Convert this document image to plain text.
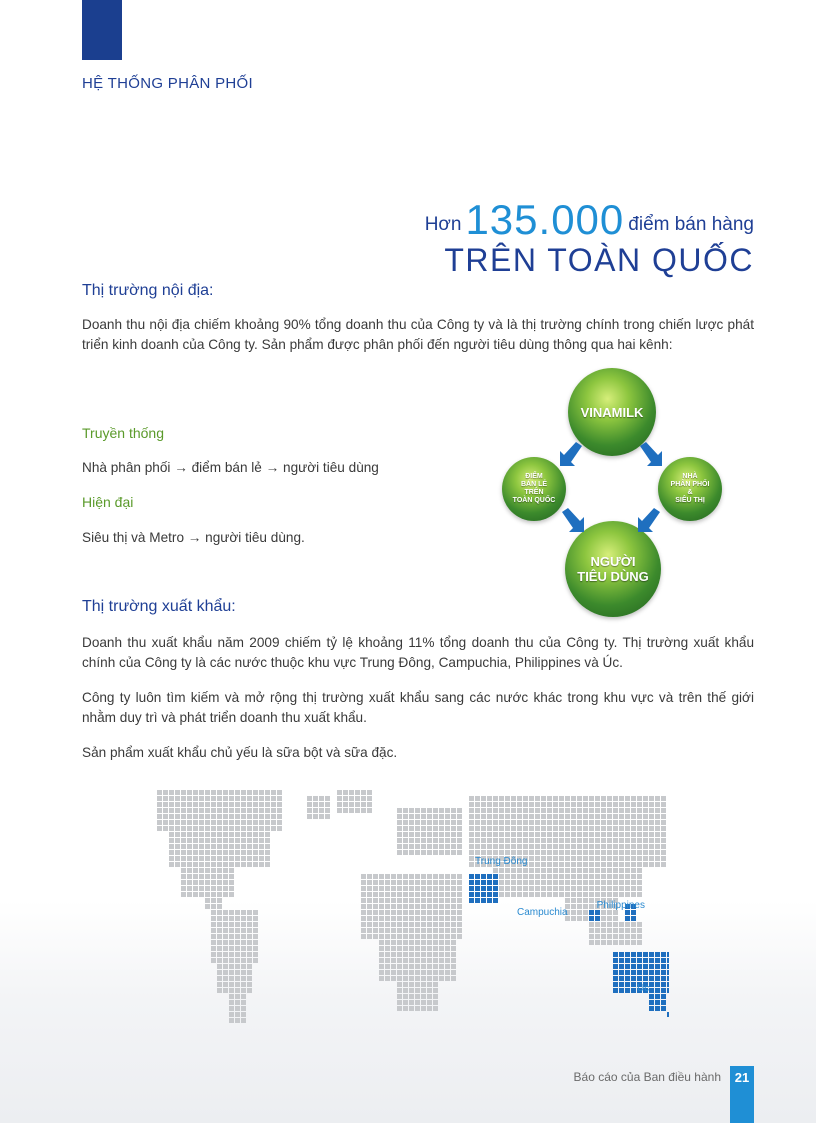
HỆ THỐNG PHÂN PHỐI
Hơn135.000 điểm bán hàng
TRÊN TOÀN QUỐC
Thị trường nội địa:

Doanh thu nội địa chiếm khoảng 90% tổng doanh thu của Công ty và là thị trường chính trong chiến lược phát triển kinh doanh của Công ty. Sản phẩm được phân phối đến người tiêu dùng thông qua hai kênh:

Truyền thống

Nhà phân phối → điểm bán lẻ → người tiêu dùng

Hiện đại

Siêu thị và Metro → người tiêu dùng.

VINAMILK
ĐIỂM
BÁN LẺ
TRÊN
TOÀN QUỐC
NHÀ
PHÂN PHỐI
&
SIÊU THỊ
NGƯỜI
TIÊU DÙNG
Thị trường xuất khẩu:

Doanh thu xuất khẩu năm 2009 chiếm tỷ lệ khoảng 11% tổng doanh thu của Công ty. Thị trường xuất khẩu chính của Công ty là các nước thuộc khu vực Trung Đông, Campuchia, Philippines và Úc.

Công ty luôn tìm kiếm và mở rộng thị trường xuất khẩu sang các nước khác trong khu vực và trên thế giới nhằm duy trì và phát triển doanh thu xuất khẩu.

Sản phẩm xuất khẩu chủ yếu là sữa bột và sữa đặc.

Trung Đông
Campuchia
Philippines
Úc
Báo cáo của Ban điều hành	21
